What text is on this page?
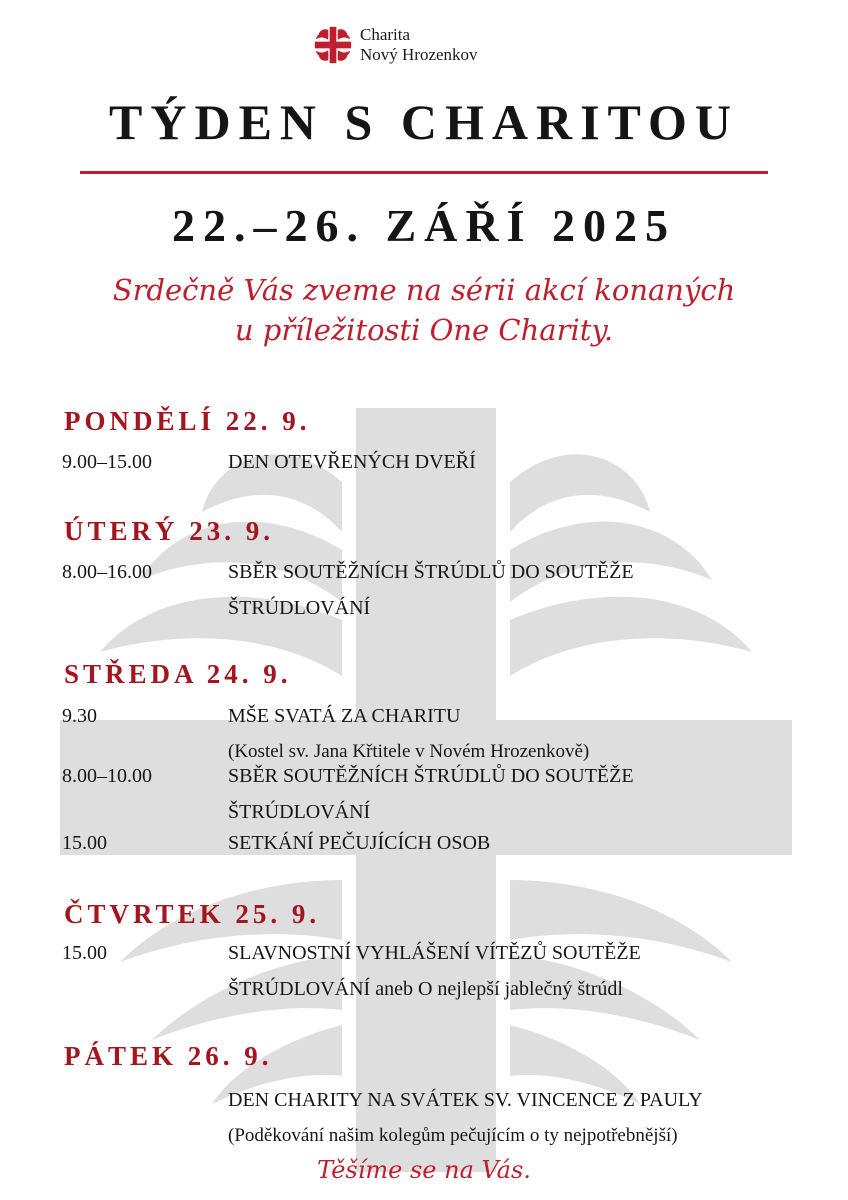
Charita
Nový Hrozenkov
TÝDEN S CHARITOU
22.–26. ZÁŘÍ 2025
Srdečně Vás zveme na sérii akcí konaných
u příležitosti One Charity.
PONDĚLÍ 22. 9.
9.00–15.00	DEN OTEVŘENÝCH DVEŘÍ
ÚTERÝ 23. 9.
8.00–16.00	SBĚR SOUTĚŽNÍCH ŠTRÚDLŮ DO SOUTĚŽE
ŠTRÚDLOVÁNÍ
STŘEDA 24. 9.
9.30	MŠE SVATÁ ZA CHARITU
(Kostel sv. Jana Křtitele v Novém Hrozenkově)
8.00–10.00	SBĚR SOUTĚŽNÍCH ŠTRÚDLŮ DO SOUTĚŽE
ŠTRÚDLOVÁNÍ
15.00	SETKÁNÍ PEČUJÍCÍCH OSOB
ČTVRTEK 25. 9.
15.00	SLAVNOSTNÍ VYHLÁŠENÍ VÍTĚZŮ SOUTĚŽE
ŠTRÚDLOVÁNÍ aneb O nejlepší jablečný štrúdl
PÁTEK 26. 9.
DEN CHARITY NA SVÁTEK SV. VINCENCE Z PAULY
(Poděkování našim kolegům pečujícím o ty nejpotřebnější)
Těšíme se na Vás.
